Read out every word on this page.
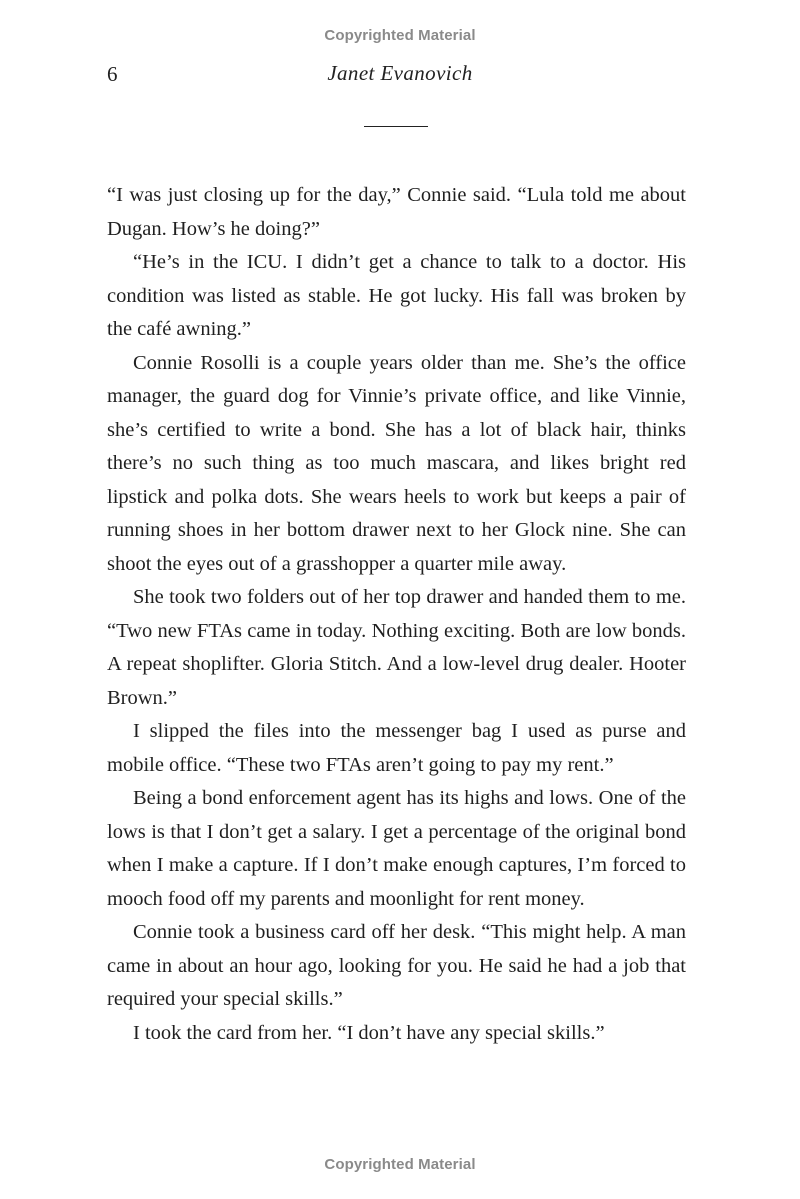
Copyrighted Material
6	Janet Evanovich

“I was just closing up for the day,” Connie said. “Lula told me about Dugan. How’s he doing?”

“He’s in the ICU. I didn’t get a chance to talk to a doctor. His condition was listed as stable. He got lucky. His fall was broken by the café awning.”

Connie Rosolli is a couple years older than me. She’s the office manager, the guard dog for Vinnie’s private office, and like Vinnie, she’s certified to write a bond. She has a lot of black hair, thinks there’s no such thing as too much mascara, and likes bright red lipstick and polka dots. She wears heels to work but keeps a pair of running shoes in her bottom drawer next to her Glock nine. She can shoot the eyes out of a grasshopper a quarter mile away.

She took two folders out of her top drawer and handed them to me. “Two new FTAs came in today. Nothing exciting. Both are low bonds. A repeat shoplifter. Gloria Stitch. And a low-level drug dealer. Hooter Brown.”

I slipped the files into the messenger bag I used as purse and mobile office. “These two FTAs aren’t going to pay my rent.”

Being a bond enforcement agent has its highs and lows. One of the lows is that I don’t get a salary. I get a percentage of the original bond when I make a capture. If I don’t make enough captures, I’m forced to mooch food off my parents and moonlight for rent money.

Connie took a business card off her desk. “This might help. A man came in about an hour ago, looking for you. He said he had a job that required your special skills.”

I took the card from her. “I don’t have any special skills.”

Copyrighted Material
